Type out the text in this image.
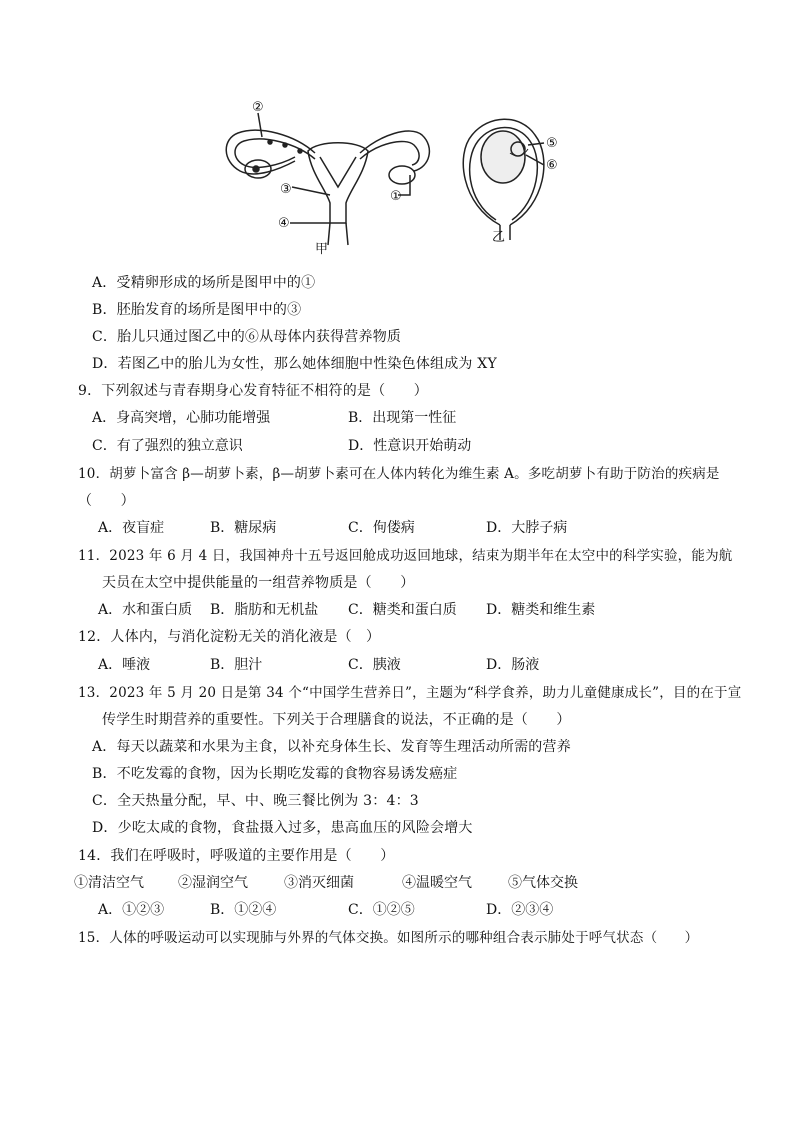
②
①
③
④
⑤
⑥
甲
乙
A．受精卵形成的场所是图甲中的①
B．胚胎发育的场所是图甲中的③
C．胎儿只通过图乙中的⑥从母体内获得营养物质
D．若图乙中的胎儿为女性，那么她体细胞中性染色体组成为 XY
9．下列叙述与青春期身心发育特征不相符的是（　　）
A．身高突增，心肺功能增强	B．出现第一性征
C．有了强烈的独立意识	D．性意识开始萌动
10．胡萝卜富含 β—胡萝卜素，β—胡萝卜素可在人体内转化为维生素 A。多吃胡萝卜有助于防治的疾病是
（　　）
A．夜盲症	B．糖尿病	C．佝偻病	D．大脖子病
11．2023 年 6 月 4 日，我国神舟十五号返回舱成功返回地球，结束为期半年在太空中的科学实验，能为航
天员在太空中提供能量的一组营养物质是（　　）
A．水和蛋白质 B．脂肪和无机盐 C．糖类和蛋白质 D．糖类和维生素
12．人体内，与消化淀粉无关的消化液是（　）
A．唾液	B．胆汁	C．胰液	D．肠液
13．2023 年 5 月 20 日是第 34 个“中国学生营养日”，主题为“科学食养，助力儿童健康成长”，目的在于宣
传学生时期营养的重要性。下列关于合理膳食的说法，不正确的是（　　）
A．每天以蔬菜和水果为主食，以补充身体生长、发育等生理活动所需的营养
B．不吃发霉的食物，因为长期吃发霉的食物容易诱发癌症
C．全天热量分配，早、中、晚三餐比例为 3：4：3
D．少吃太咸的食物，食盐摄入过多，患高血压的风险会增大
14．我们在呼吸时，呼吸道的主要作用是（　　）
①清洁空气 ②湿润空气	③消灭细菌	④温暖空气	⑤气体交换
A．①②③	B．①②④	C．①②⑤	D．②③④
15．人体的呼吸运动可以实现肺与外界的气体交换。如图所示的哪种组合表示肺处于呼气状态（　　）
